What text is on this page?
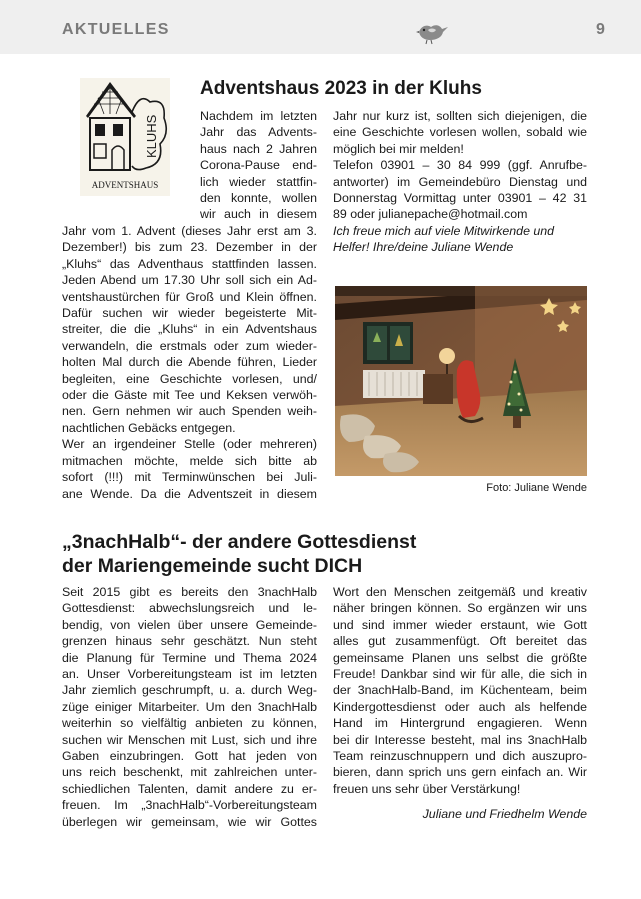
AKTUELLES	9
KLUHS
ADVENTSHAUS
Adventshaus 2023 in der Kluhs
Nachdem im letzten
Jahr das Advents-
haus nach 2 Jahren
Corona-Pause end-
lich wieder stattfin-
den konnte, wollen
wir auch in diesem
Jahr vom 1. Advent (dieses Jahr erst am 3.
Dezember!) bis zum 23. Dezember in der
„Kluhs“ das Adventhaus stattfinden lassen.
Jeden Abend um 17.30 Uhr soll sich ein Ad-
ventshaustürchen für Groß und Klein öffnen.
Dafür suchen wir wieder begeisterte Mit-
streiter, die die „Kluhs“ in ein Adventshaus
verwandeln, die erstmals oder zum wieder-
holten Mal durch die Abende führen, Lieder
begleiten, eine Geschichte vorlesen, und/
oder die Gäste mit Tee und Keksen verwöh-
nen. Gern nehmen wir auch Spenden weih-
nachtlichen Gebäcks entgegen.
Wer an irgendeiner Stelle (oder mehreren)
mitmachen möchte, melde sich bitte ab
sofort (!!!) mit Terminwünschen bei Juli-
ane Wende. Da die Adventszeit in diesem
Jahr nur kurz ist, sollten sich diejenigen, die
eine Geschichte vorlesen wollen, sobald wie
möglich bei mir melden!
Telefon 03901 – 30 84 999 (ggf. Anrufbe-
antworter) im Gemeindebüro Dienstag und
Donnerstag Vormittag unter 03901 – 42 31
89 oder julianepache@hotmail.com
Ich freue mich auf viele Mitwirkende und
Helfer! Ihre/deine Juliane Wende
Foto: Juliane Wende
„3nachHalb“- der andere Gottesdienst
der Mariengemeinde sucht DICH
Seit 2015 gibt es bereits den 3nachHalb
Gottesdienst: abwechslungsreich und le-
bendig, von vielen über unsere Gemeinde-
grenzen hinaus sehr geschätzt. Nun steht
die Planung für Termine und Thema 2024
an. Unser Vorbereitungsteam ist im letzten
Jahr ziemlich geschrumpft, u. a. durch Weg-
züge einiger Mitarbeiter. Um den 3nachHalb
weiterhin so vielfältig anbieten zu können,
suchen wir Menschen mit Lust, sich und ihre
Gaben einzubringen. Gott hat jeden von
uns reich beschenkt, mit zahlreichen unter-
schiedlichen Talenten, damit andere zu er-
freuen. Im „3nachHalb“-Vorbereitungsteam
überlegen wir gemeinsam, wie wir Gottes
Wort den Menschen zeitgemäß und kreativ
näher bringen können. So ergänzen wir uns
und sind immer wieder erstaunt, wie Gott
alles gut zusammenfügt. Oft bereitet das
gemeinsame Planen uns selbst die größte
Freude! Dankbar sind wir für alle, die sich in
der 3nachHalb-Band, im Küchenteam, beim
Kindergottesdienst oder auch als helfende
Hand im Hintergrund engagieren. Wenn
bei dir Interesse besteht, mal ins 3nachHalb
Team reinzuschnuppern und dich auszupro-
bieren, dann sprich uns gern einfach an. Wir
freuen uns sehr über Verstärkung!
Juliane und Friedhelm Wende
